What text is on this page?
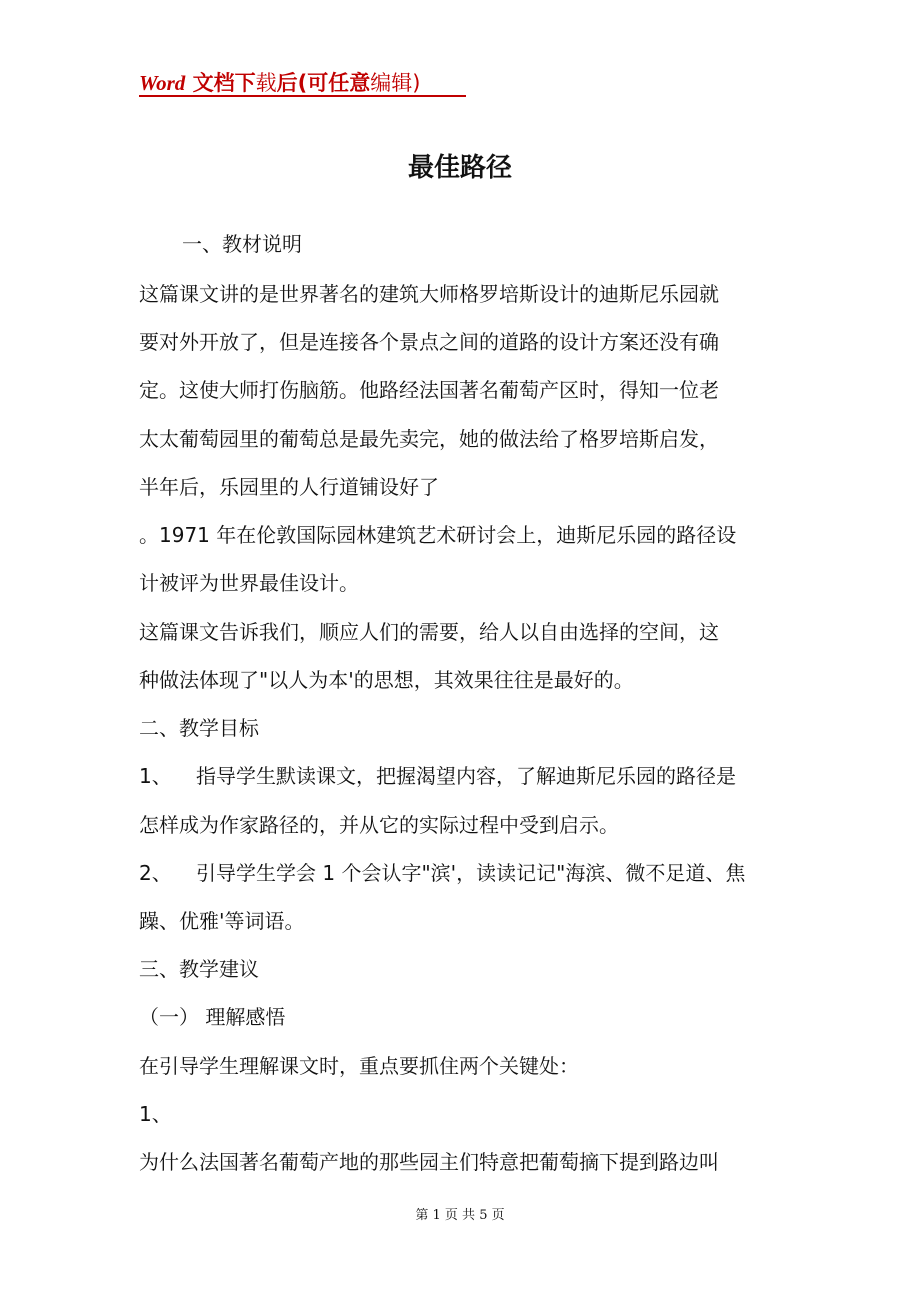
Word 文档下载后(可任意编辑)
最佳路径
一、教材说明
这篇课文讲的是世界著名的建筑大师格罗培斯设计的迪斯尼乐园就
要对外开放了，但是连接各个景点之间的道路的设计方案还没有确
定。这使大师打伤脑筋。他路经法国著名葡萄产区时，得知一位老
太太葡萄园里的葡萄总是最先卖完，她的做法给了格罗培斯启发，
半年后，乐园里的人行道铺设好了
。1971 年在伦敦国际园林建筑艺术研讨会上，迪斯尼乐园的路径设
计被评为世界最佳设计。
这篇课文告诉我们，顺应人们的需要，给人以自由选择的空间，这
种做法体现了"以人为本'的思想，其效果往往是最好的。
二、教学目标
1、 指导学生默读课文，把握渴望内容，了解迪斯尼乐园的路径是
怎样成为作家路径的，并从它的实际过程中受到启示。
2、 引导学生学会 1 个会认字"滨'，读读记记"海滨、微不足道、焦
躁、优雅'等词语。
三、教学建议
（一） 理解感悟
在引导学生理解课文时，重点要抓住两个关键处：
1、
为什么法国著名葡萄产地的那些园主们特意把葡萄摘下提到路边叫
第 1 页 共 5 页
